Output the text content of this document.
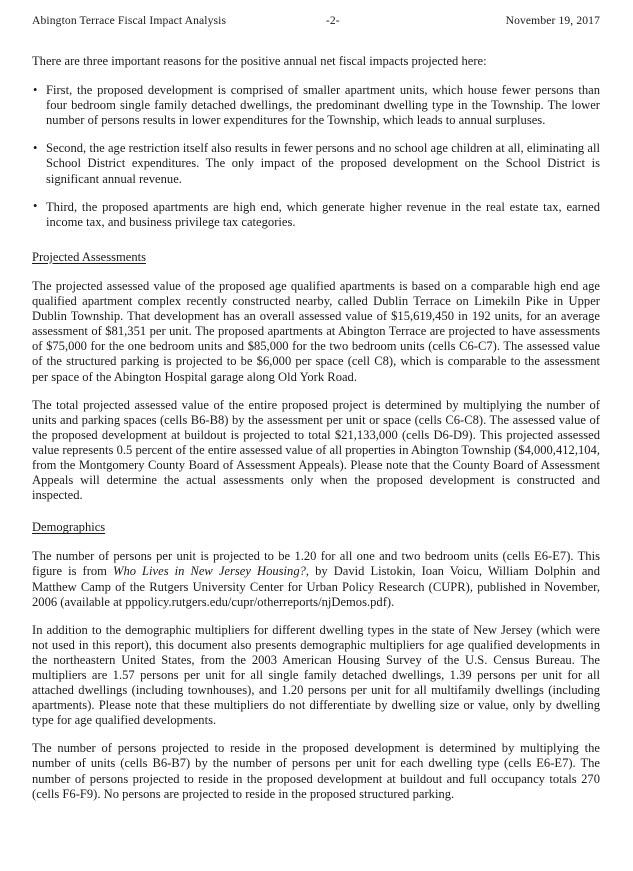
Abington Terrace Fiscal Impact Analysis	-2-	November 19, 2017

There are three important reasons for the positive annual net fiscal impacts projected here:

• First, the proposed development is comprised of smaller apartment units, which house fewer persons than four bedroom single family detached dwellings, the predominant dwelling type in the Township. The lower number of persons results in lower expenditures for the Township, which leads to annual surpluses.
• Second, the age restriction itself also results in fewer persons and no school age children at all, eliminating all School District expenditures. The only impact of the proposed development on the School District is significant annual revenue.
• Third, the proposed apartments are high end, which generate higher revenue in the real estate tax, earned income tax, and business privilege tax categories.
Projected Assessments

The projected assessed value of the proposed age qualified apartments is based on a comparable high end age qualified apartment complex recently constructed nearby, called Dublin Terrace on Limekiln Pike in Upper Dublin Township. That development has an overall assessed value of $15,619,450 in 192 units, for an average assessment of $81,351 per unit. The proposed apartments at Abington Terrace are projected to have assessments of $75,000 for the one bedroom units and $85,000 for the two bedroom units (cells C6-C7). The assessed value of the structured parking is projected to be $6,000 per space (cell C8), which is comparable to the assessment per space of the Abington Hospital garage along Old York Road.

The total projected assessed value of the entire proposed project is determined by multiplying the number of units and parking spaces (cells B6-B8) by the assessment per unit or space (cells C6-C8). The assessed value of the proposed development at buildout is projected to total $21,133,000 (cells D6-D9). This projected assessed value represents 0.5 percent of the entire assessed value of all properties in Abington Township ($4,000,412,104, from the Montgomery County Board of Assessment Appeals). Please note that the County Board of Assessment Appeals will determine the actual assessments only when the proposed development is constructed and inspected.

Demographics

The number of persons per unit is projected to be 1.20 for all one and two bedroom units (cells E6-E7). This figure is from Who Lives in New Jersey Housing?, by David Listokin, Ioan Voicu, William Dolphin and Matthew Camp of the Rutgers University Center for Urban Policy Research (CUPR), published in November, 2006 (available at pppolicy.rutgers.edu/cupr/otherreports/njDemos.pdf).

In addition to the demographic multipliers for different dwelling types in the state of New Jersey (which were not used in this report), this document also presents demographic multipliers for age qualified developments in the northeastern United States, from the 2003 American Housing Survey of the U.S. Census Bureau. The multipliers are 1.57 persons per unit for all single family detached dwellings, 1.39 persons per unit for all attached dwellings (including townhouses), and 1.20 persons per unit for all multifamily dwellings (including apartments). Please note that these multipliers do not differentiate by dwelling size or value, only by dwelling type for age qualified developments.

The number of persons projected to reside in the proposed development is determined by multiplying the number of units (cells B6-B7) by the number of persons per unit for each dwelling type (cells E6-E7). The number of persons projected to reside in the proposed development at buildout and full occupancy totals 270 (cells F6-F9). No persons are projected to reside in the proposed structured parking.
